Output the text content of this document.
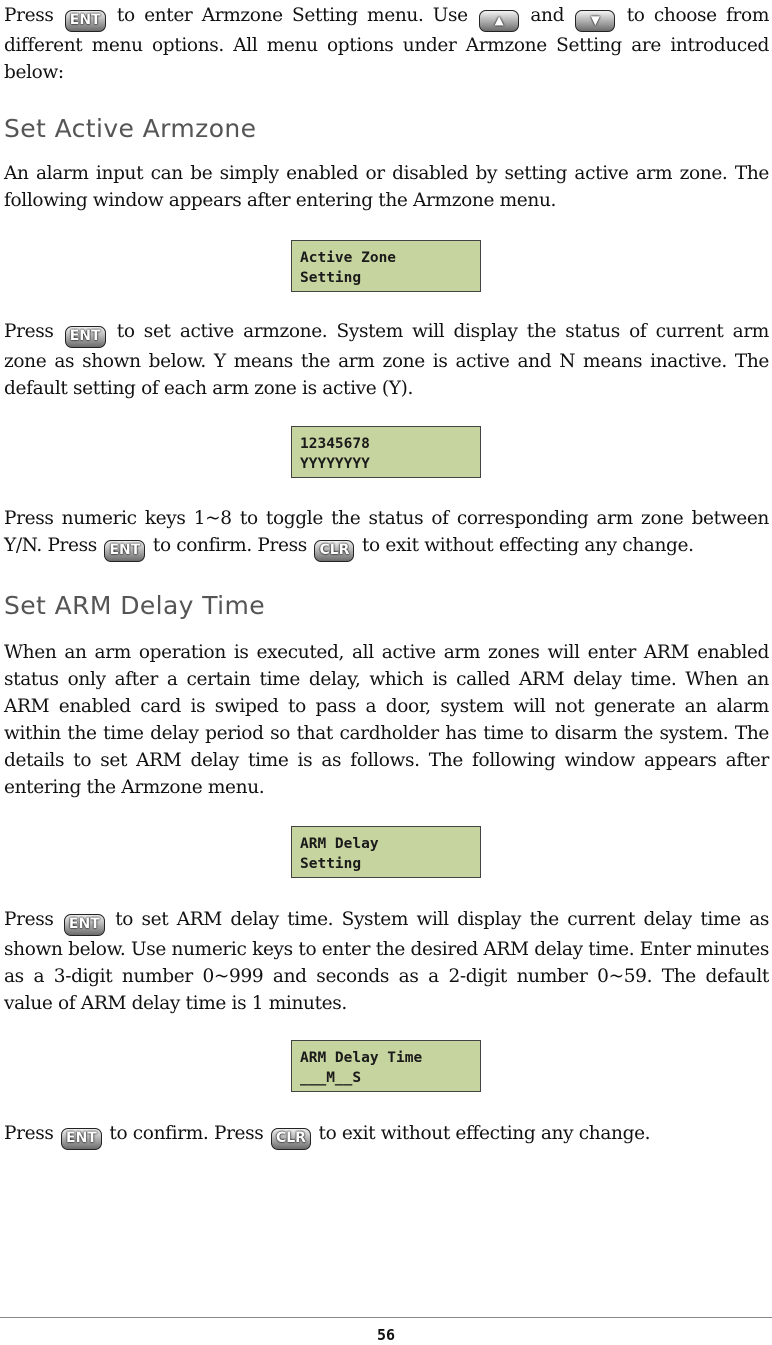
Press ENT to enter Armzone Setting menu. Use ▲ and ▼ to choose from different menu options. All menu options under Armzone Setting are introduced below:

Set Active Armzone

An alarm input can be simply enabled or disabled by setting active arm zone. The following window appears after entering the Armzone menu.

Active Zone
Setting

Press ENT to set active armzone. System will display the status of current arm zone as shown below. Y means the arm zone is active and N means inactive. The default setting of each arm zone is active (Y).

12345678
YYYYYYYY

Press numeric keys 1~8 to toggle the status of corresponding arm zone between Y/N. Press ENT to confirm. Press CLR to exit without effecting any change.

Set ARM Delay Time

When an arm operation is executed, all active arm zones will enter ARM enabled status only after a certain time delay, which is called ARM delay time. When an ARM enabled card is swiped to pass a door, system will not generate an alarm within the time delay period so that cardholder has time to disarm the system. The details to set ARM delay time is as follows. The following window appears after entering the Armzone menu.

ARM Delay
Setting

Press ENT to set ARM delay time. System will display the current delay time as shown below. Use numeric keys to enter the desired ARM delay time. Enter minutes as a 3-digit number 0~999 and seconds as a 2-digit number 0~59. The default value of ARM delay time is 1 minutes.

ARM Delay Time
___M__S

Press ENT to confirm. Press CLR to exit without effecting any change.

56
